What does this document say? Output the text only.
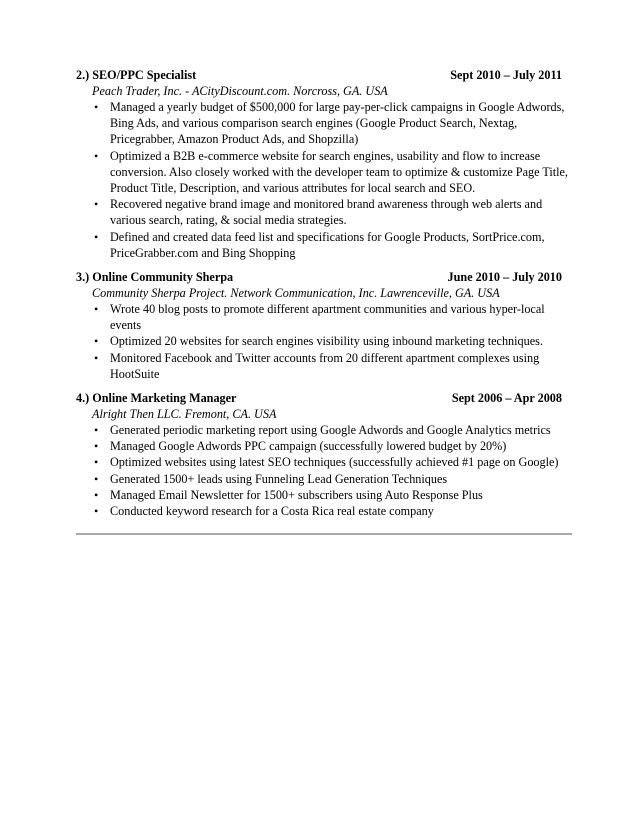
2.) SEO/PPC Specialist	Sept 2010 – July 2011
Peach Trader, Inc. - ACityDiscount.com. Norcross, GA. USA
• Managed a yearly budget of $500,000 for large pay-per-click campaigns in Google Adwords, Bing Ads, and various comparison search engines (Google Product Search, Nextag, Pricegrabber, Amazon Product Ads, and Shopzilla)
• Optimized a B2B e-commerce website for search engines, usability and flow to increase conversion. Also closely worked with the developer team to optimize & customize Page Title, Product Title, Description, and various attributes for local search and SEO.
• Recovered negative brand image and monitored brand awareness through web alerts and various search, rating, & social media strategies.
• Defined and created data feed list and specifications for Google Products, SortPrice.com, PriceGrabber.com and Bing Shopping
3.) Online Community Sherpa	June 2010 – July 2010
Community Sherpa Project. Network Communication, Inc. Lawrenceville, GA. USA
• Wrote 40 blog posts to promote different apartment communities and various hyper-local events
• Optimized 20 websites for search engines visibility using inbound marketing techniques.
• Monitored Facebook and Twitter accounts from 20 different apartment complexes using HootSuite
4.) Online Marketing Manager	Sept 2006 – Apr 2008
Alright Then LLC. Fremont, CA. USA
• Generated periodic marketing report using Google Adwords and Google Analytics metrics
• Managed Google Adwords PPC campaign (successfully lowered budget by 20%)
• Optimized websites using latest SEO techniques (successfully achieved #1 page on Google)
• Generated 1500+ leads using Funneling Lead Generation Techniques
• Managed Email Newsletter for 1500+ subscribers using Auto Response Plus
• Conducted keyword research for a Costa Rica real estate company
